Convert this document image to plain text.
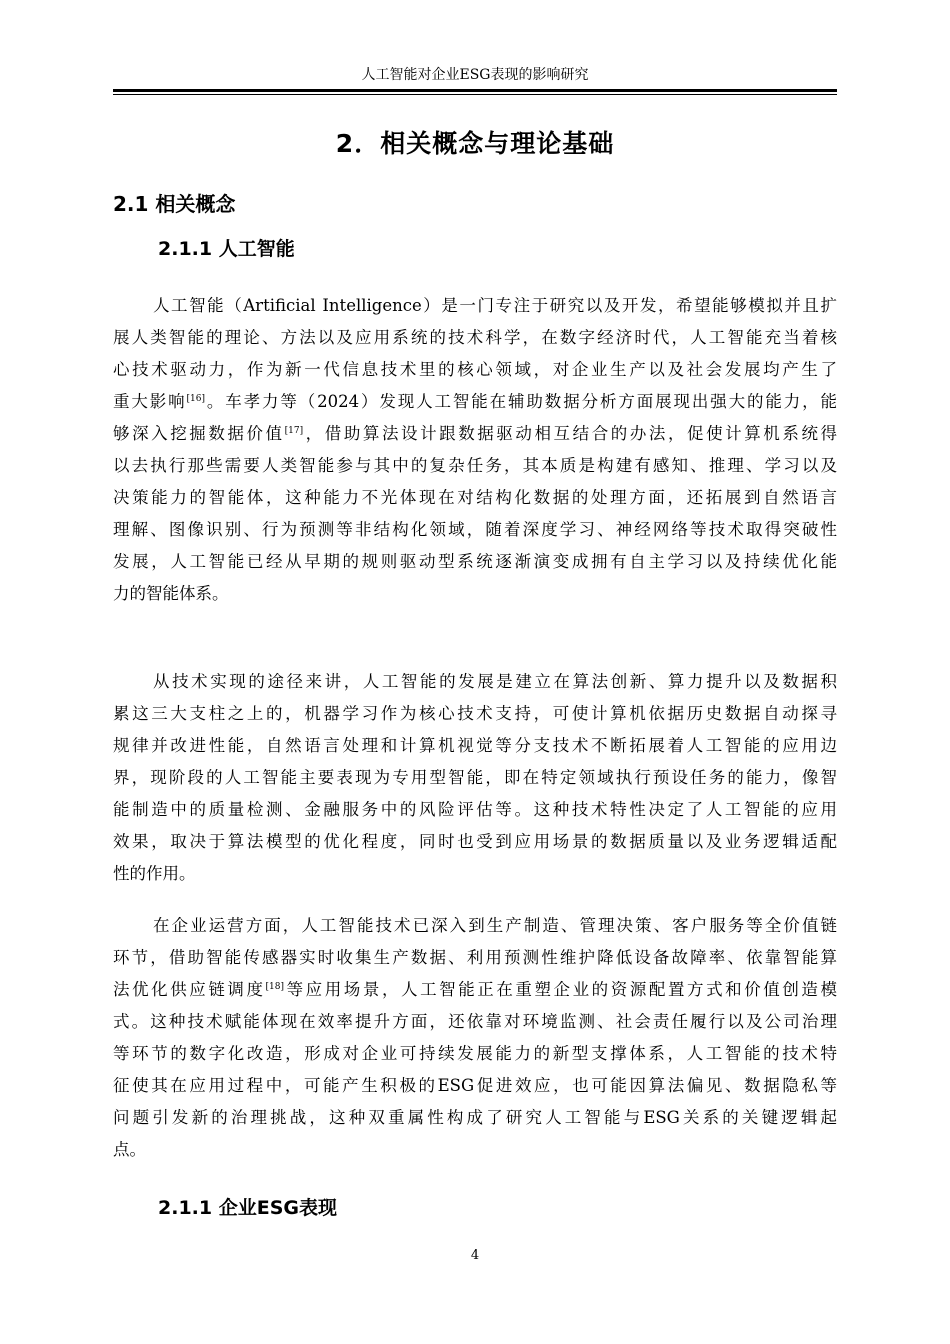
人工智能对企业ESG表现的影响研究
2．相关概念与理论基础
2.1 相关概念
2.1.1 人工智能
人工智能（Artificial Intelligence）是一门专注于研究以及开发，希望能够模拟并且扩
展人类智能的理论、方法以及应用系统的技术科学，在数字经济时代，人工智能充当着核
心技术驱动力，作为新一代信息技术里的核心领域，对企业生产以及社会发展均产生了
重大影响[16]。车孝力等（2024）发现人工智能在辅助数据分析方面展现出强大的能力，能
够深入挖掘数据价值[17]，借助算法设计跟数据驱动相互结合的办法，促使计算机系统得
以去执行那些需要人类智能参与其中的复杂任务，其本质是构建有感知、推理、学习以及
决策能力的智能体，这种能力不光体现在对结构化数据的处理方面，还拓展到自然语言
理解、图像识别、行为预测等非结构化领域，随着深度学习、神经网络等技术取得突破性
发展，人工智能已经从早期的规则驱动型系统逐渐演变成拥有自主学习以及持续优化能
力的智能体系。
从技术实现的途径来讲，人工智能的发展是建立在算法创新、算力提升以及数据积
累这三大支柱之上的，机器学习作为核心技术支持，可使计算机依据历史数据自动探寻
规律并改进性能，自然语言处理和计算机视觉等分支技术不断拓展着人工智能的应用边
界，现阶段的人工智能主要表现为专用型智能，即在特定领域执行预设任务的能力，像智
能制造中的质量检测、金融服务中的风险评估等。这种技术特性决定了人工智能的应用
效果，取决于算法模型的优化程度，同时也受到应用场景的数据质量以及业务逻辑适配
性的作用。
在企业运营方面，人工智能技术已深入到生产制造、管理决策、客户服务等全价值链
环节，借助智能传感器实时收集生产数据、利用预测性维护降低设备故障率、依靠智能算
法优化供应链调度[18]等应用场景，人工智能正在重塑企业的资源配置方式和价值创造模
式。这种技术赋能体现在效率提升方面，还依靠对环境监测、社会责任履行以及公司治理
等环节的数字化改造，形成对企业可持续发展能力的新型支撑体系，人工智能的技术特
征使其在应用过程中，可能产生积极的ESG促进效应，也可能因算法偏见、数据隐私等
问题引发新的治理挑战，这种双重属性构成了研究人工智能与ESG关系的关键逻辑起
点。
2.1.1 企业ESG表现
4
